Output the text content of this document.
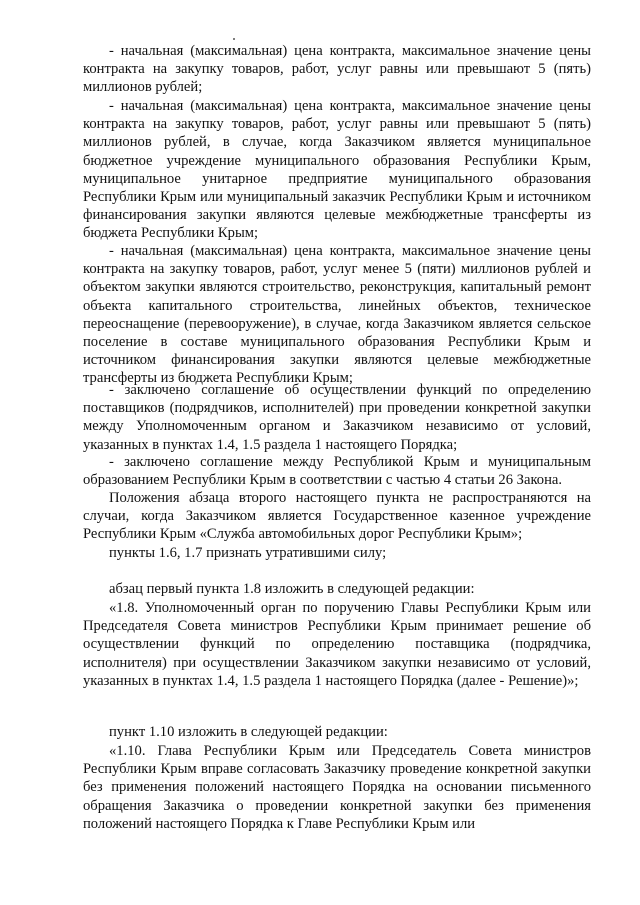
- начальная (максимальная) цена контракта, максимальное значение цены контракта на закупку товаров, работ, услуг равны или превышают 5 (пять) миллионов рублей;

- начальная (максимальная) цена контракта, максимальное значение цены контракта на закупку товаров, работ, услуг равны или превышают 5 (пять) миллионов рублей, в случае, когда Заказчиком является муниципальное бюджетное учреждение муниципального образования Республики Крым, муниципальное унитарное предприятие муниципального образования Республики Крым или муниципальный заказчик Республики Крым и источником финансирования закупки являются целевые межбюджетные трансферты из бюджета Республики Крым;

- начальная (максимальная) цена контракта, максимальное значение цены контракта на закупку товаров, работ, услуг менее 5 (пяти) миллионов рублей и объектом закупки являются строительство, реконструкция, капитальный ремонт объекта капитального строительства, линейных объектов, техническое переоснащение (перевооружение), в случае, когда Заказчиком является сельское поселение в составе муниципального образования Республики Крым и источником финансирования закупки являются целевые межбюджетные трансферты из бюджета Республики Крым;

- заключено соглашение об осуществлении функций по определению поставщиков (подрядчиков, исполнителей) при проведении конкретной закупки между Уполномоченным органом и Заказчиком независимо от условий, указанных в пунктах 1.4, 1.5 раздела 1 настоящего Порядка;

- заключено соглашение между Республикой Крым и муниципальным образованием Республики Крым в соответствии с частью 4 статьи 26 Закона.

Положения абзаца второго настоящего пункта не распространяются на случаи, когда Заказчиком является Государственное казенное учреждение Республики Крым «Служба автомобильных дорог Республики Крым»;

пункты 1.6, 1.7 признать утратившими силу;

абзац первый пункта 1.8 изложить в следующей редакции:

«1.8. Уполномоченный орган по поручению Главы Республики Крым или Председателя Совета министров Республики Крым принимает решение об осуществлении функций по определению поставщика (подрядчика, исполнителя) при осуществлении Заказчиком закупки независимо от условий, указанных в пунктах 1.4, 1.5 раздела 1 настоящего Порядка (далее - Решение)»;

пункт 1.10 изложить в следующей редакции:

«1.10. Глава Республики Крым или Председатель Совета министров Республики Крым вправе согласовать Заказчику проведение конкретной закупки без применения положений настоящего Порядка на основании письменного обращения Заказчика о проведении конкретной закупки без применения положений настоящего Порядка к Главе Республики Крым или
